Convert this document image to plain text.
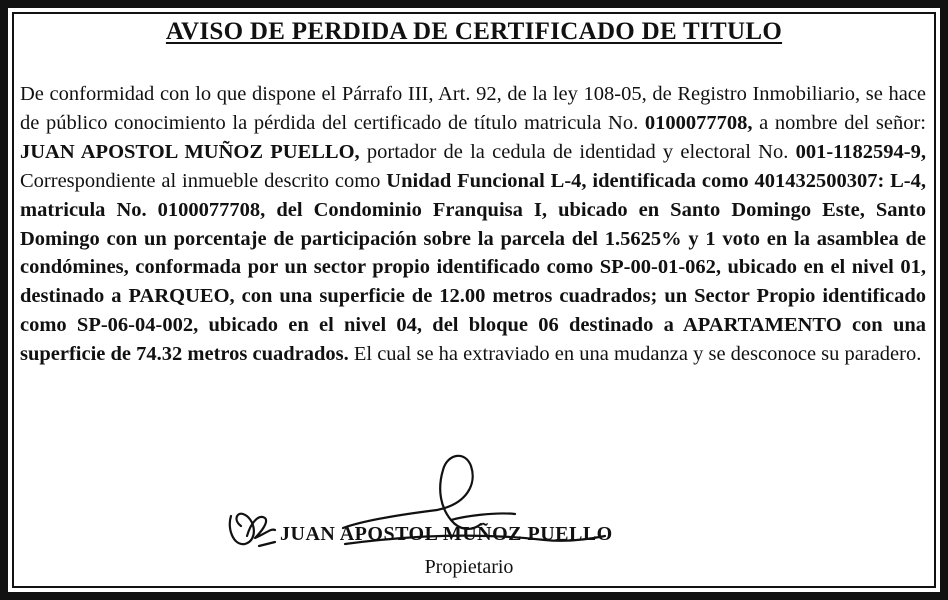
AVISO DE PERDIDA DE CERTIFICADO DE TITULO
De conformidad con lo que dispone el Párrafo III, Art. 92, de la ley 108-05, de Registro Inmobiliario, se hace de público conocimiento la pérdida del certificado de título matricula No. 0100077708, a nombre del señor: JUAN APOSTOL MUÑOZ PUELLO, portador de la cedula de identidad y electoral No. 001-1182594-9, Correspondiente al inmueble descrito como Unidad Funcional L-4, identificada como 401432500307: L-4, matricula No. 0100077708, del Condominio Franquisa I, ubicado en Santo Domingo Este, Santo Domingo con un porcentaje de participación sobre la parcela del 1.5625% y 1 voto en la asamblea de condómines, conformada por un sector propio identificado como SP-00-01-062, ubicado en el nivel 01, destinado a PARQUEO, con una superficie de 12.00 metros cuadrados; un Sector Propio identificado como SP-06-04-002, ubicado en el nivel 04, del bloque 06 destinado a APARTAMENTO con una superficie de 74.32 metros cuadrados. El cual se ha extraviado en una mudanza y se desconoce su paradero.
JUAN APOSTOL MUÑOZ PUELLO
Propietario
